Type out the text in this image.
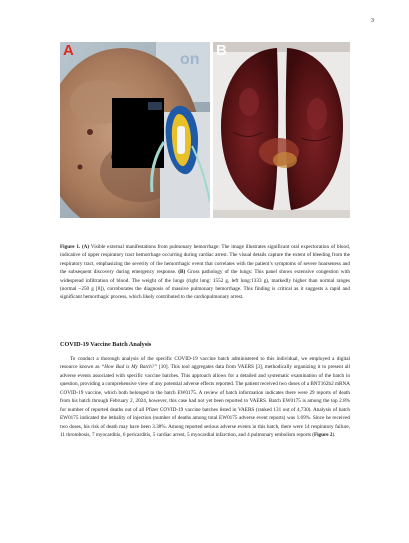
3
on
A	B

Figure 1. (A) Visible external manifestations from pulmonary hemorrhage: The image illustrates significant oral expectoration of blood, indicative of upper respiratory tract hemorrhage occurring during cardiac arrest. The visual details capture the extent of bleeding from the respiratory tract, emphasizing the severity of the hemorrhagic event that correlates with the patient’s symptoms of severe hoarseness and the subsequent discovery during emergency response. (B) Gross pathology of the lungs: This panel shows extensive congestion with widespread infiltration of blood. The weight of the lungs (right lung: 1552 g, left lung:1333 g), markedly higher than normal ranges (normal ~250 g [8]), corroborates the diagnosis of massive pulmonary hemorrhage. This finding is critical as it suggests a rapid and significant hemorrhagic process, which likely contributed to the cardiopulmonary arrest.

COVID-19 Vaccine Batch Analysis

To conduct a thorough analysis of the specific COVID-19 vaccine batch administered to this individual, we employed a digital resource known as “How Bad is My Batch?” [10]. This tool aggregates data from VAERS [3], methodically organizing it to present all adverse events associated with specific vaccine batches. This approach allows for a detailed and systematic examination of the batch in question, providing a comprehensive view of any potential adverse effects reported. The patient received two doses of a BNT162b2 mRNA COVID-19 vaccine, which both belonged to the batch EW0175. A review of batch information indicates there were 29 reports of death from his batch through February 2, 2024, however, this case had not yet been reported to VAERS. Batch EW0175 is among the top 2.8% for number of reported deaths out of all Pfizer COVID-19 vaccine batches listed in VAERS (ranked 131 out of 4,730). Analysis of batch EW0175 indicated the lethality of injection (number of deaths among total EW0175 adverse event reports) was 1.69%. Since he received two doses, his risk of death may have been 3.38%. Among reported serious adverse events in this batch, there were 14 respiratory failure, 11 thrombosis, 7 myocarditis, 6 pericarditis, 5 cardiac arrest, 5 myocardial infarction, and 4 pulmonary embolism reports (Figure 2).
